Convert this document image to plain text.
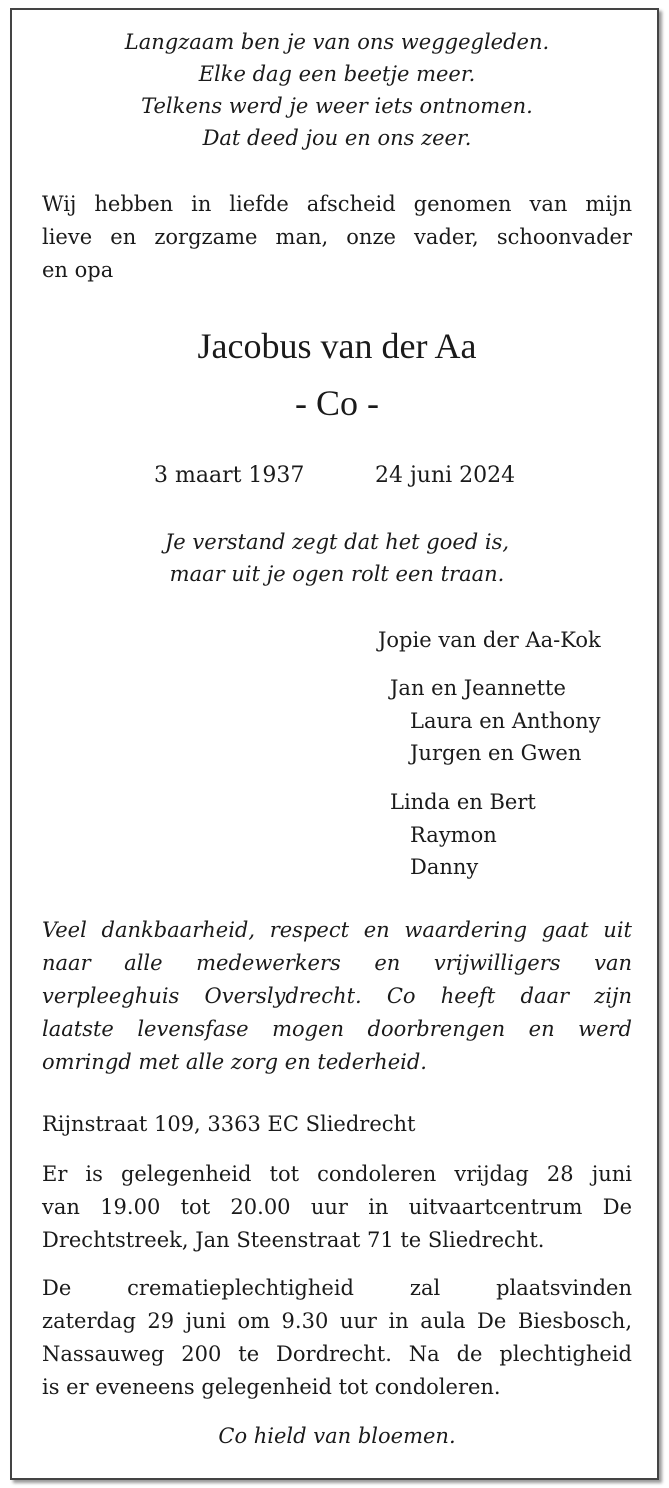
Langzaam ben je van ons weggegleden.
Elke dag een beetje meer.
Telkens werd je weer iets ontnomen.
Dat deed jou en ons zeer.
Wij hebben in liefde afscheid genomen van mijn
lieve en zorgzame man, onze vader, schoonvader
en opa
Jacobus van der Aa
- Co -
3 maart 1937	24 juni 2024
Je verstand zegt dat het goed is,
maar uit je ogen rolt een traan.
Jopie van der Aa-Kok
Jan en Jeannette
Laura en Anthony
Jurgen en Gwen
Linda en Bert
Raymon
Danny
Veel dankbaarheid, respect en waardering gaat uit
naar alle medewerkers en vrijwilligers van
verpleeghuis Overslydrecht. Co heeft daar zijn
laatste levensfase mogen doorbrengen en werd
omringd met alle zorg en tederheid.
Rijnstraat 109, 3363 EC Sliedrecht
Er is gelegenheid tot condoleren vrijdag 28 juni
van 19.00 tot 20.00 uur in uitvaartcentrum De
Drechtstreek, Jan Steenstraat 71 te Sliedrecht.
De crematieplechtigheid zal plaatsvinden
zaterdag 29 juni om 9.30 uur in aula De Biesbosch,
Nassauweg 200 te Dordrecht. Na de plechtigheid
is er eveneens gelegenheid tot condoleren.
Co hield van bloemen.
